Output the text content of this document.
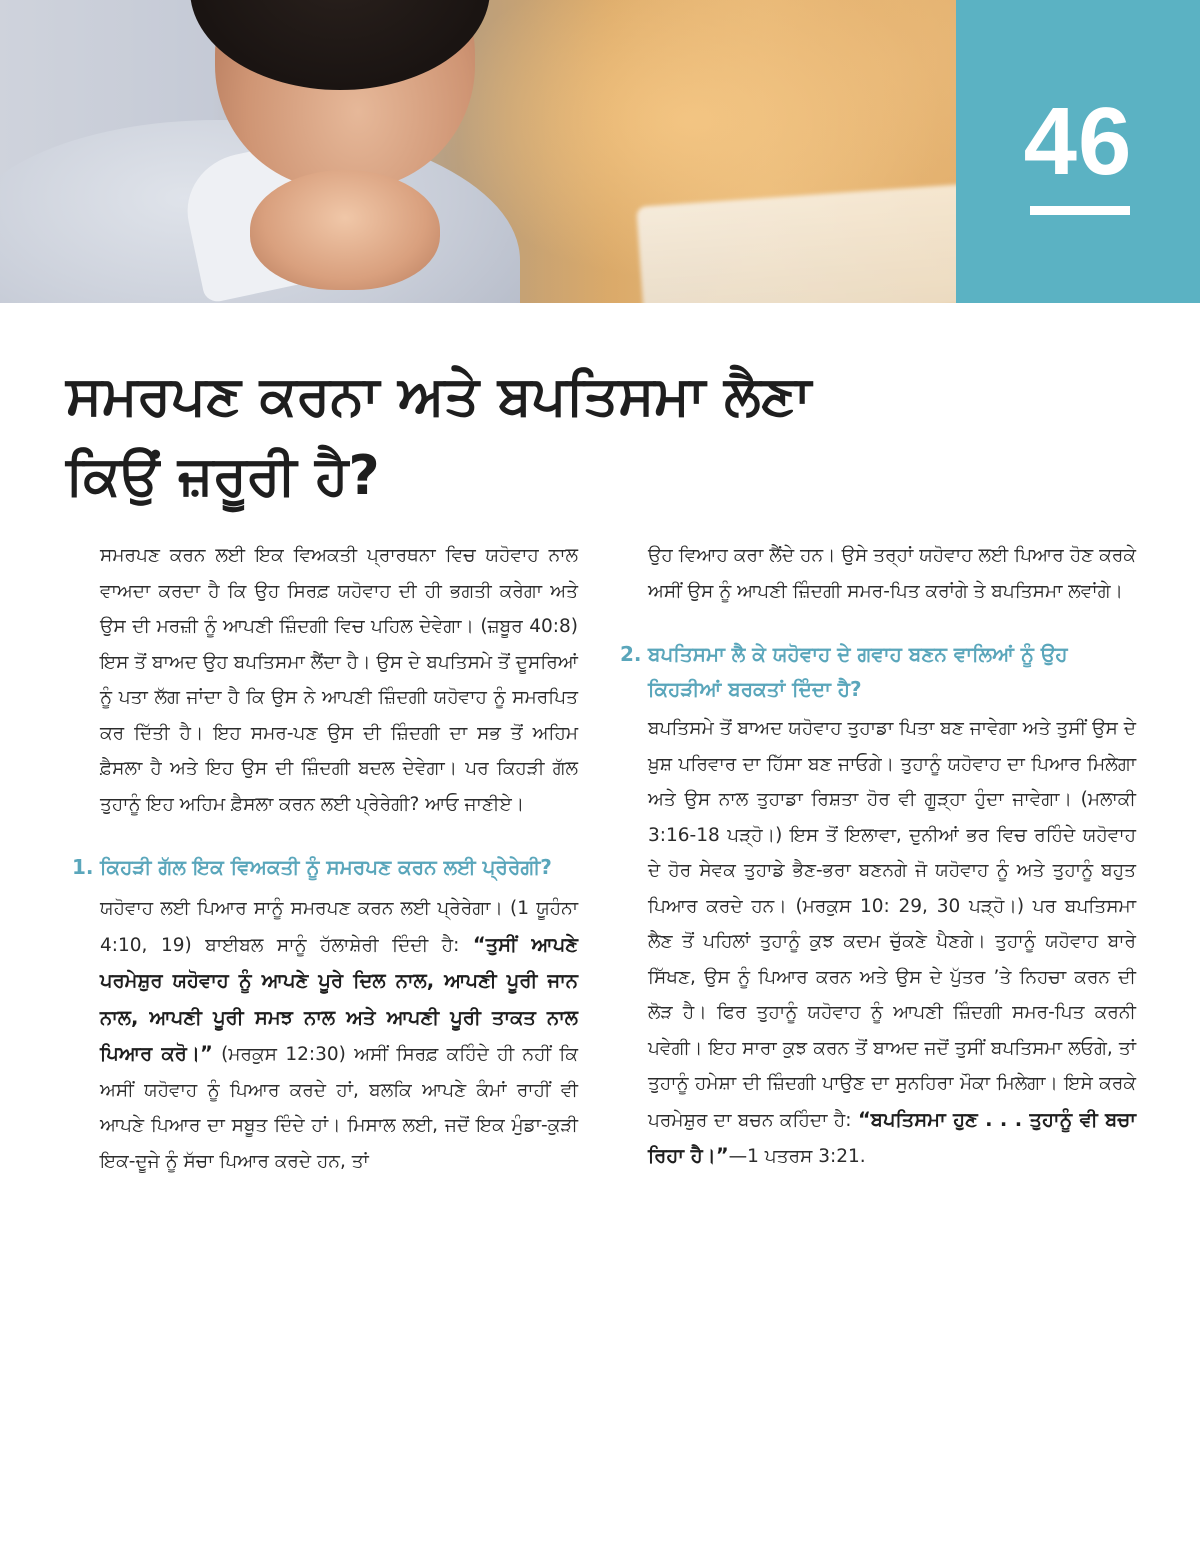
46
ਸਮਰਪਣ ਕਰਨਾ ਅਤੇ ਬਪਤਿਸਮਾ ਲੈਣਾ
ਕਿਉਂ ਜ਼ਰੂਰੀ ਹੈ?

ਸਮਰਪਣ ਕਰਨ ਲਈ ਇਕ ਵਿਅਕਤੀ ਪ੍ਰਾਰਥਨਾ ਵਿਚ ਯਹੋਵਾਹ ਨਾਲ ਵਾਅਦਾ ਕਰਦਾ ਹੈ ਕਿ ਉਹ ਸਿਰਫ਼ ਯਹੋਵਾਹ ਦੀ ਹੀ ਭਗਤੀ ਕਰੇਗਾ ਅਤੇ ਉਸ ਦੀ ਮਰਜ਼ੀ ਨੂੰ ਆਪਣੀ ਜ਼ਿੰਦਗੀ ਵਿਚ ਪਹਿਲ ਦੇਵੇਗਾ। (ਜ਼ਬੂਰ 40:8) ਇਸ ਤੋਂ ਬਾਅਦ ਉਹ ਬਪਤਿਸਮਾ ਲੈਂਦਾ ਹੈ। ਉਸ ਦੇ ਬਪਤਿਸਮੇ ਤੋਂ ਦੂਸਰਿਆਂ ਨੂੰ ਪਤਾ ਲੱਗ ਜਾਂਦਾ ਹੈ ਕਿ ਉਸ ਨੇ ਆਪਣੀ ਜ਼ਿੰਦਗੀ ਯਹੋਵਾਹ ਨੂੰ ਸਮਰਪਿਤ ਕਰ ਦਿੱਤੀ ਹੈ। ਇਹ ਸਮਰ-ਪਣ ਉਸ ਦੀ ਜ਼ਿੰਦਗੀ ਦਾ ਸਭ ਤੋਂ ਅਹਿਮ ਫ਼ੈਸਲਾ ਹੈ ਅਤੇ ਇਹ ਉਸ ਦੀ ਜ਼ਿੰਦਗੀ ਬਦਲ ਦੇਵੇਗਾ। ਪਰ ਕਿਹੜੀ ਗੱਲ ਤੁਹਾਨੂੰ ਇਹ ਅਹਿਮ ਫ਼ੈਸਲਾ ਕਰਨ ਲਈ ਪ੍ਰੇਰੇਗੀ? ਆਓ ਜਾਣੀਏ।

1. ਕਿਹੜੀ ਗੱਲ ਇਕ ਵਿਅਕਤੀ ਨੂੰ ਸਮਰਪਣ ਕਰਨ ਲਈ ਪ੍ਰੇਰੇਗੀ?

ਯਹੋਵਾਹ ਲਈ ਪਿਆਰ ਸਾਨੂੰ ਸਮਰਪਣ ਕਰਨ ਲਈ ਪ੍ਰੇਰੇਗਾ। (1 ਯੂਹੰਨਾ 4:10, 19) ਬਾਈਬਲ ਸਾਨੂੰ ਹੱਲਾਸ਼ੇਰੀ ਦਿੰਦੀ ਹੈ: “ਤੁਸੀਂ ਆਪਣੇ ਪਰਮੇਸ਼ੁਰ ਯਹੋਵਾਹ ਨੂੰ ਆਪਣੇ ਪੂਰੇ ਦਿਲ ਨਾਲ, ਆਪਣੀ ਪੂਰੀ ਜਾਨ ਨਾਲ, ਆਪਣੀ ਪੂਰੀ ਸਮਝ ਨਾਲ ਅਤੇ ਆਪਣੀ ਪੂਰੀ ਤਾਕਤ ਨਾਲ ਪਿਆਰ ਕਰੋ।” (ਮਰਕੁਸ 12:30) ਅਸੀਂ ਸਿਰਫ਼ ਕਹਿੰਦੇ ਹੀ ਨਹੀਂ ਕਿ ਅਸੀਂ ਯਹੋਵਾਹ ਨੂੰ ਪਿਆਰ ਕਰਦੇ ਹਾਂ, ਬਲਕਿ ਆਪਣੇ ਕੰਮਾਂ ਰਾਹੀਂ ਵੀ ਆਪਣੇ ਪਿਆਰ ਦਾ ਸਬੂਤ ਦਿੰਦੇ ਹਾਂ। ਮਿਸਾਲ ਲਈ, ਜਦੋਂ ਇਕ ਮੁੰਡਾ-ਕੁੜੀ ਇਕ-ਦੂਜੇ ਨੂੰ ਸੱਚਾ ਪਿਆਰ ਕਰਦੇ ਹਨ, ਤਾਂ

ਉਹ ਵਿਆਹ ਕਰਾ ਲੈਂਦੇ ਹਨ। ਉਸੇ ਤਰ੍ਹਾਂ ਯਹੋਵਾਹ ਲਈ ਪਿਆਰ ਹੋਣ ਕਰਕੇ ਅਸੀਂ ਉਸ ਨੂੰ ਆਪਣੀ ਜ਼ਿੰਦਗੀ ਸਮਰ-ਪਿਤ ਕਰਾਂਗੇ ਤੇ ਬਪਤਿਸਮਾ ਲਵਾਂਗੇ।

2. ਬਪਤਿਸਮਾ ਲੈ ਕੇ ਯਹੋਵਾਹ ਦੇ ਗਵਾਹ ਬਣਨ ਵਾਲਿਆਂ ਨੂੰ ਉਹ ਕਿਹੜੀਆਂ ਬਰਕਤਾਂ ਦਿੰਦਾ ਹੈ?

ਬਪਤਿਸਮੇ ਤੋਂ ਬਾਅਦ ਯਹੋਵਾਹ ਤੁਹਾਡਾ ਪਿਤਾ ਬਣ ਜਾਵੇਗਾ ਅਤੇ ਤੁਸੀਂ ਉਸ ਦੇ ਖ਼ੁਸ਼ ਪਰਿਵਾਰ ਦਾ ਹਿੱਸਾ ਬਣ ਜਾਓਗੇ। ਤੁਹਾਨੂੰ ਯਹੋਵਾਹ ਦਾ ਪਿਆਰ ਮਿਲੇਗਾ ਅਤੇ ਉਸ ਨਾਲ ਤੁਹਾਡਾ ਰਿਸ਼ਤਾ ਹੋਰ ਵੀ ਗੂੜ੍ਹਾ ਹੁੰਦਾ ਜਾਵੇਗਾ। (ਮਲਾਕੀ 3:16-18 ਪੜ੍ਹੋ।) ਇਸ ਤੋਂ ਇਲਾਵਾ, ਦੁਨੀਆਂ ਭਰ ਵਿਚ ਰਹਿੰਦੇ ਯਹੋਵਾਹ ਦੇ ਹੋਰ ਸੇਵਕ ਤੁਹਾਡੇ ਭੈਣ-ਭਰਾ ਬਣਨਗੇ ਜੋ ਯਹੋਵਾਹ ਨੂੰ ਅਤੇ ਤੁਹਾਨੂੰ ਬਹੁਤ ਪਿਆਰ ਕਰਦੇ ਹਨ। (ਮਰਕੁਸ 10: 29, 30 ਪੜ੍ਹੋ।) ਪਰ ਬਪਤਿਸਮਾ ਲੈਣ ਤੋਂ ਪਹਿਲਾਂ ਤੁਹਾਨੂੰ ਕੁਝ ਕਦਮ ਚੁੱਕਣੇ ਪੈਣਗੇ। ਤੁਹਾਨੂੰ ਯਹੋਵਾਹ ਬਾਰੇ ਸਿੱਖਣ, ਉਸ ਨੂੰ ਪਿਆਰ ਕਰਨ ਅਤੇ ਉਸ ਦੇ ਪੁੱਤਰ ’ਤੇ ਨਿਹਚਾ ਕਰਨ ਦੀ ਲੋੜ ਹੈ। ਫਿਰ ਤੁਹਾਨੂੰ ਯਹੋਵਾਹ ਨੂੰ ਆਪਣੀ ਜ਼ਿੰਦਗੀ ਸਮਰ-ਪਿਤ ਕਰਨੀ ਪਵੇਗੀ। ਇਹ ਸਾਰਾ ਕੁਝ ਕਰਨ ਤੋਂ ਬਾਅਦ ਜਦੋਂ ਤੁਸੀਂ ਬਪਤਿਸਮਾ ਲਓਗੇ, ਤਾਂ ਤੁਹਾਨੂੰ ਹਮੇਸ਼ਾ ਦੀ ਜ਼ਿੰਦਗੀ ਪਾਉਣ ਦਾ ਸੁਨਹਿਰਾ ਮੌਕਾ ਮਿਲੇਗਾ। ਇਸੇ ਕਰਕੇ ਪਰਮੇਸ਼ੁਰ ਦਾ ਬਚਨ ਕਹਿੰਦਾ ਹੈ: “ਬਪਤਿਸਮਾ ਹੁਣ . . . ਤੁਹਾਨੂੰ ਵੀ ਬਚਾ ਰਿਹਾ ਹੈ।”—1 ਪਤਰਸ 3:21.
